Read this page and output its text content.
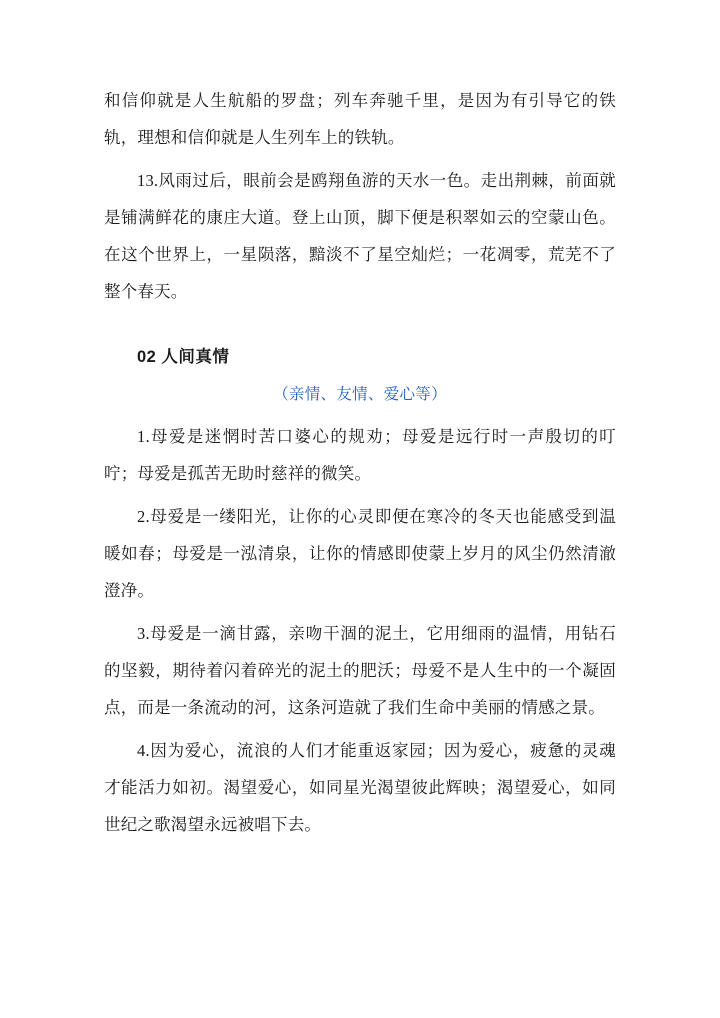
和信仰就是人生航船的罗盘；列车奔驰千里，是因为有引导它的铁轨，理想和信仰就是人生列车上的铁轨。

13.风雨过后，眼前会是鸥翔鱼游的天水一色。走出荆棘，前面就是铺满鲜花的康庄大道。登上山顶，脚下便是积翠如云的空蒙山色。在这个世界上，一星陨落，黯淡不了星空灿烂；一花凋零，荒芜不了整个春天。

02 人间真情

（亲情、友情、爱心等）

1.母爱是迷惘时苦口婆心的规劝；母爱是远行时一声殷切的叮咛；母爱是孤苦无助时慈祥的微笑。

2.母爱是一缕阳光，让你的心灵即便在寒冷的冬天也能感受到温暖如春；母爱是一泓清泉，让你的情感即使蒙上岁月的风尘仍然清澈澄净。

3.母爱是一滴甘露，亲吻干涸的泥土，它用细雨的温情，用钻石的坚毅，期待着闪着碎光的泥土的肥沃；母爱不是人生中的一个凝固点，而是一条流动的河，这条河造就了我们生命中美丽的情感之景。

4.因为爱心，流浪的人们才能重返家园；因为爱心，疲惫的灵魂才能活力如初。渴望爱心，如同星光渴望彼此辉映；渴望爱心，如同世纪之歌渴望永远被唱下去。
